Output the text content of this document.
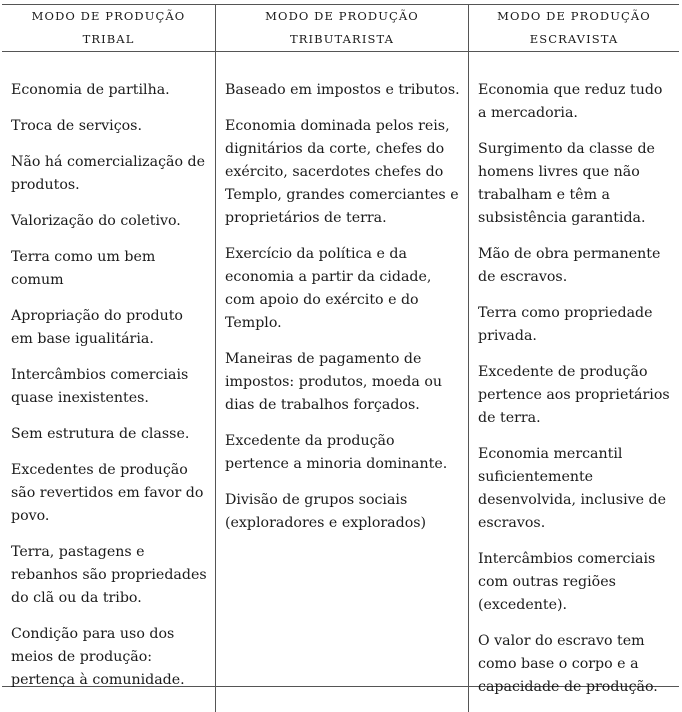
MODO DE PRODUÇÃO
TRIBAL
MODO DE PRODUÇÃO
TRIBUTARISTA
MODO DE PRODUÇÃO
ESCRAVISTA

Economia de partilha.

Troca de serviços.

Não há comercialização de produtos.

Valorização do coletivo.

Terra como um bem comum

Apropriação do produto em base igualitária.

Intercâmbios comerciais quase inexistentes.

Sem estrutura de classe.

Excedentes de produção são revertidos em favor do povo.

Terra, pastagens e rebanhos são propriedades do clã ou da tribo.

Condição para uso dos meios de produção: pertença à comunidade.

Baseado em impostos e tributos.

Economia dominada pelos reis, dignitários da corte, chefes do exército, sacerdotes chefes do Templo, grandes comerciantes e proprietários de terra.

Exercício da política e da economia a partir da cidade, com apoio do exército e do Templo.

Maneiras de pagamento de impostos: produtos, moeda ou dias de trabalhos forçados.

Excedente da produção pertence a minoria dominante.

Divisão de grupos sociais (exploradores e explorados)

Economia que reduz tudo a mercadoria.

Surgimento da classe de homens livres que não trabalham e têm a subsistência garantida.

Mão de obra permanente de escravos.

Terra como propriedade privada.

Excedente de produção pertence aos proprietários de terra.

Economia mercantil suficientemente desenvolvida, inclusive de escravos.

Intercâmbios comerciais com outras regiões (excedente).

O valor do escravo tem como base o corpo e a capacidade de produção.
